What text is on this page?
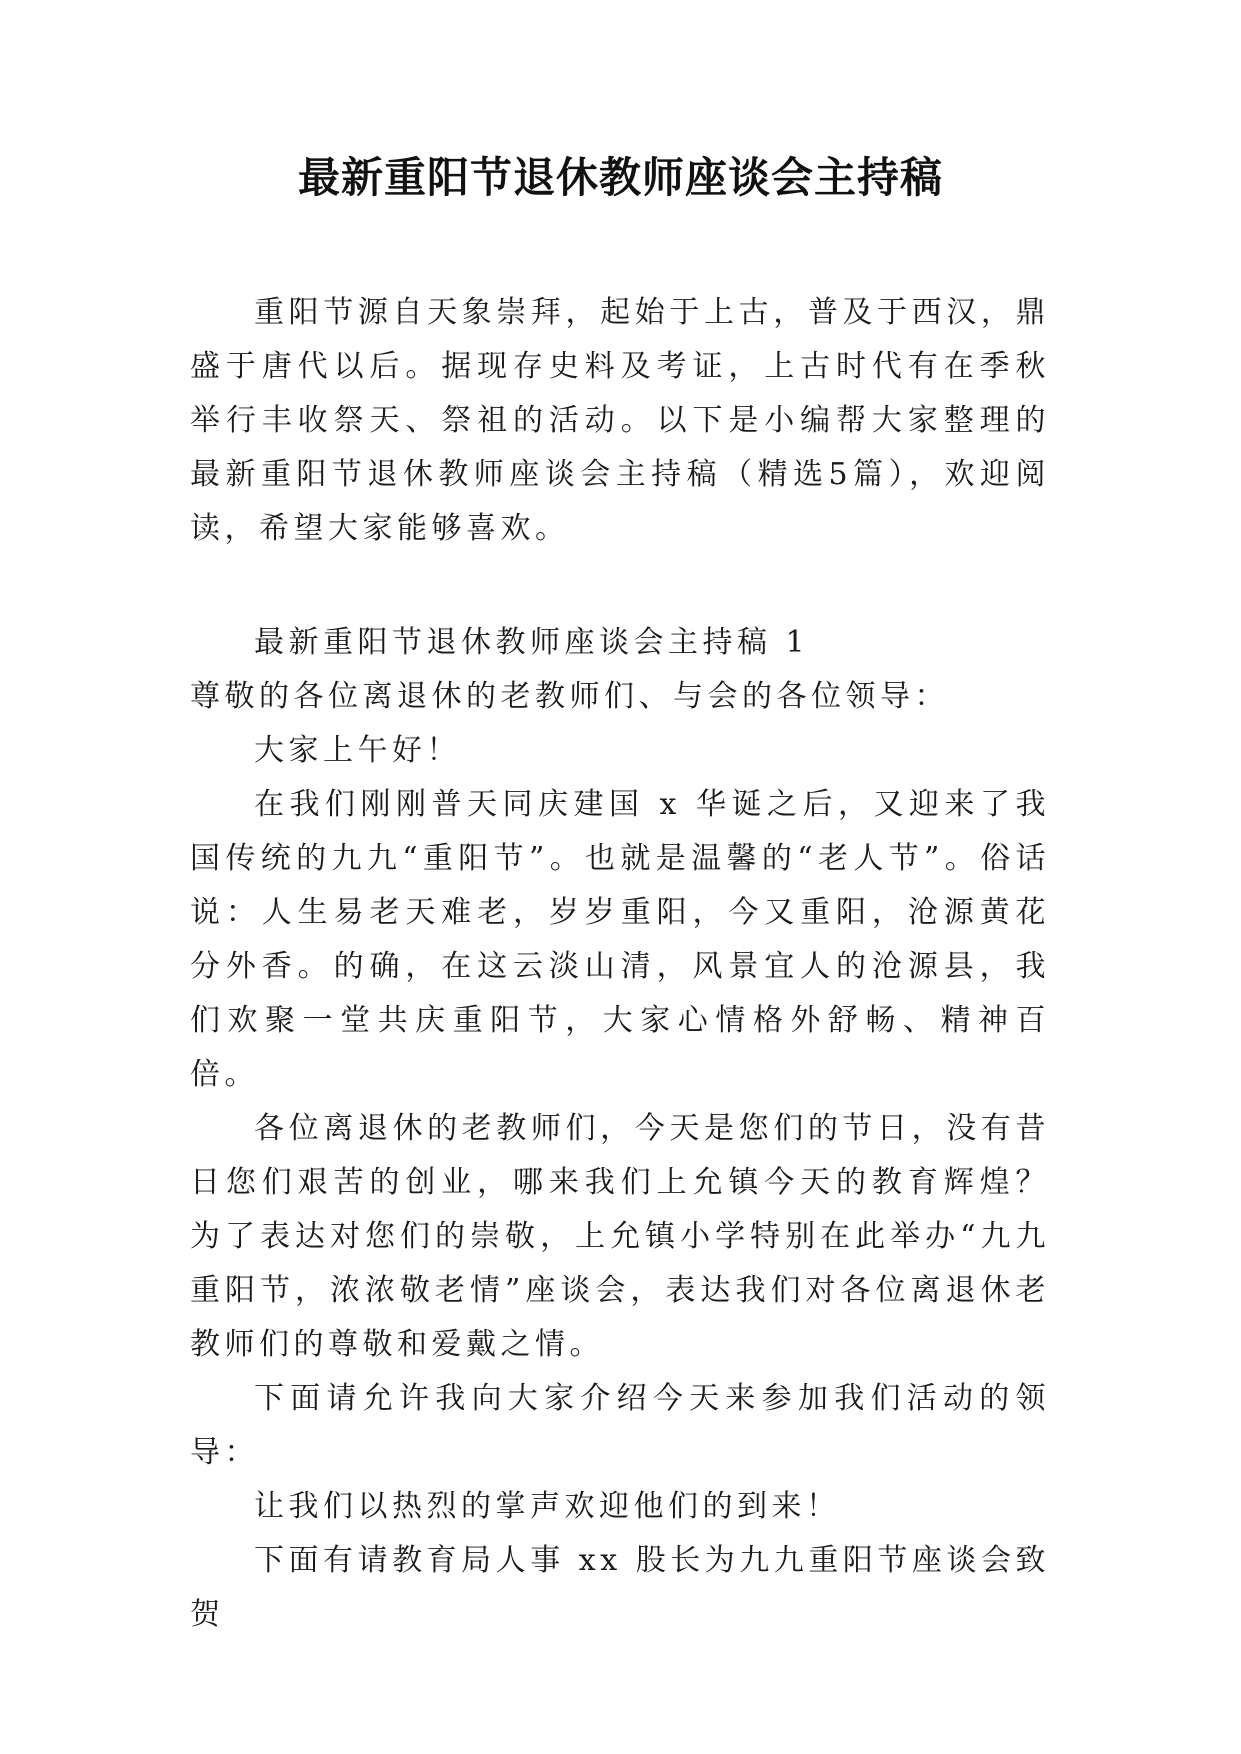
最新重阳节退休教师座谈会主持稿

重阳节源自天象崇拜，起始于上古，普及于西汉，鼎盛于唐代以后。据现存史料及考证，上古时代有在季秋举行丰收祭天、祭祖的活动。以下是小编帮大家整理的最新重阳节退休教师座谈会主持稿（精选5篇），欢迎阅读，希望大家能够喜欢。

最新重阳节退休教师座谈会主持稿 1

尊敬的各位离退休的老教师们、与会的各位领导：

大家上午好！

在我们刚刚普天同庆建国 x 华诞之后，又迎来了我国传统的九九“重阳节”。也就是温馨的“老人节”。俗话说：人生易老天难老，岁岁重阳，今又重阳，沧源黄花分外香。的确，在这云淡山清，风景宜人的沧源县，我们欢聚一堂共庆重阳节，大家心情格外舒畅、精神百倍。

各位离退休的老教师们，今天是您们的节日，没有昔日您们艰苦的创业，哪来我们上允镇今天的教育辉煌？为了表达对您们的崇敬，上允镇小学特别在此举办“九九重阳节，浓浓敬老情”座谈会，表达我们对各位离退休老教师们的尊敬和爱戴之情。

下面请允许我向大家介绍今天来参加我们活动的领导：

让我们以热烈的掌声欢迎他们的到来！

下面有请教育局人事 xx 股长为九九重阳节座谈会致贺
